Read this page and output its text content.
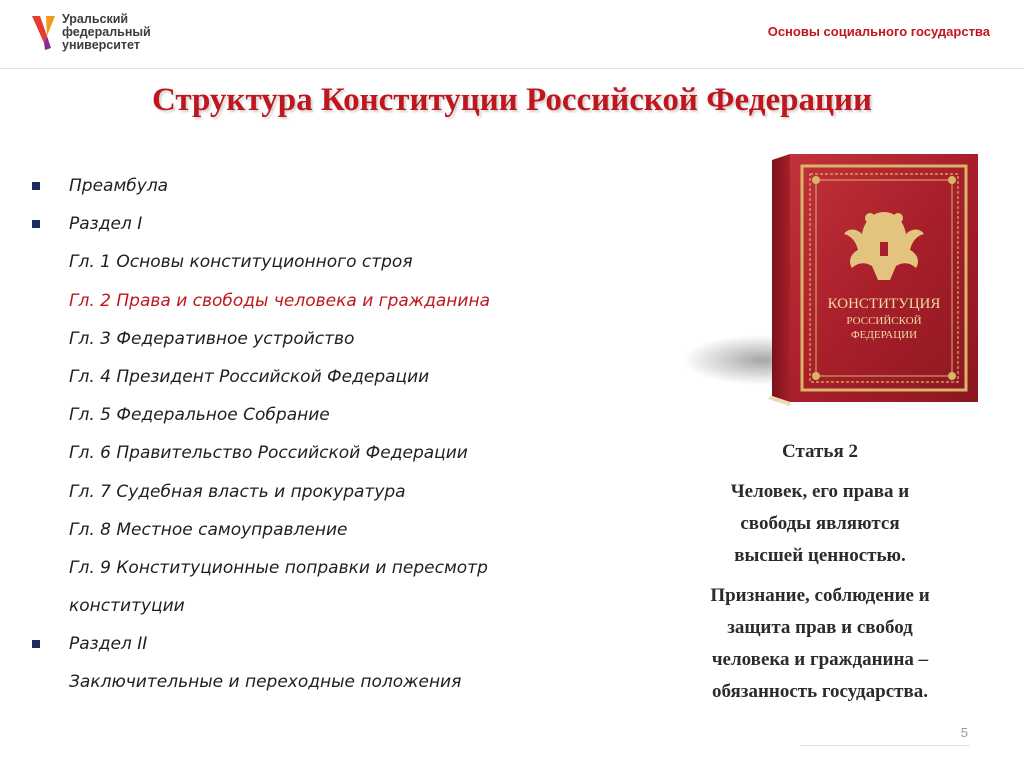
Уральский
федеральный
университет
Основы социального государства
Структура Конституции Российской Федерации
Преамбула
Раздел I
Гл. 1 Основы конституционного строя
Гл. 2 Права и свободы человека и гражданина
Гл. 3 Федеративное устройство
Гл. 4 Президент Российской Федерации
Гл. 5 Федеральное Собрание
Гл. 6 Правительство Российской Федерации
Гл. 7 Судебная власть и прокуратура
Гл. 8 Местное самоуправление
Гл. 9 Конституционные поправки и пересмотр
конституции
Раздел II
Заключительные и переходные положения
КОНСТИТУЦИЯ
РОССИЙСКОЙ
ФЕДЕРАЦИИ
Статья 2
Человек, его права и
свободы являются
высшей ценностью.
Признание, соблюдение и
защита прав и свобод
человека и гражданина –
обязанность государства.
5
